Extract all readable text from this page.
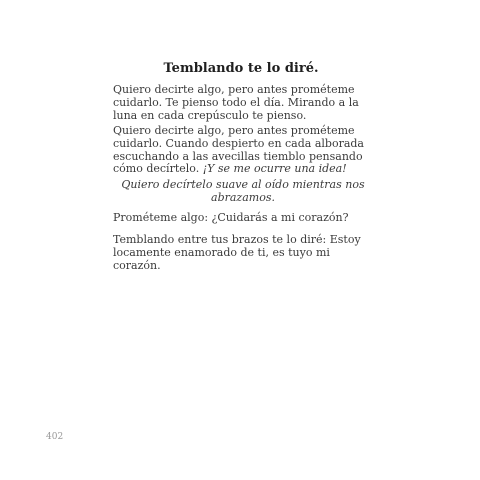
Temblando te lo diré.

Quiero decirte algo, pero antes prométeme cuidarlo. Te pienso todo el día. Mirando a la luna en cada crepúsculo te pienso.

Quiero decirte algo, pero antes prométeme cuidarlo. Cuando despierto en cada alborada escuchando a las avecillas tiemblo pensando cómo decírtelo. ¡Y se me ocurre una idea!

Quiero decírtelo suave al oído mientras nos abrazamos.

Prométeme algo: ¿Cuidarás a mi corazón?

Temblando entre tus brazos te lo diré: Estoy locamente enamorado de ti, es tuyo mi corazón.

402
